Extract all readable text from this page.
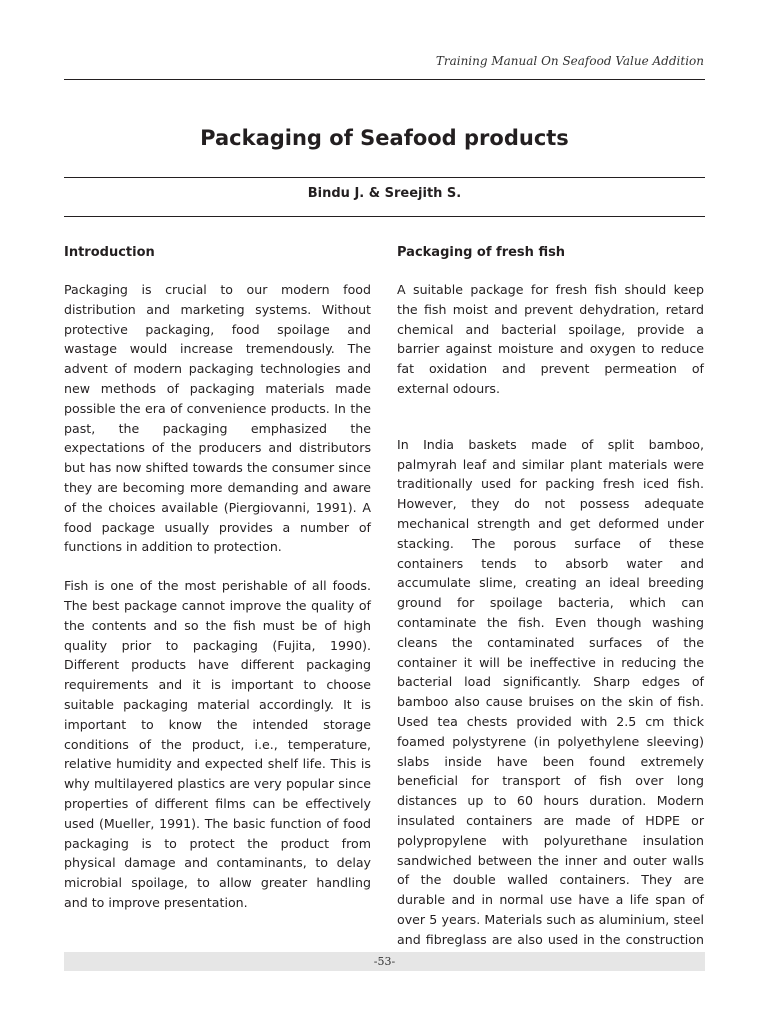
Training Manual On Seafood Value Addition
Packaging of Seafood products
Bindu J. & Sreejith S.
Introduction

Packaging is crucial to our modern food distribution and marketing systems. Without protective packaging, food spoilage and wastage would increase tremendously. The advent of modern packaging technologies and new methods of packaging materials made possible the era of convenience products. In the past, the packaging emphasized the expectations of the producers and distributors but has now shifted towards the consumer since they are becoming more demanding and aware of the choices available (Piergiovanni, 1991). A food package usually provides a number of functions in addition to protection.

Fish is one of the most perishable of all foods. The best package cannot improve the quality of the contents and so the fish must be of high quality prior to packaging (Fujita, 1990). Different products have different packaging requirements and it is important to choose suitable packaging material accordingly. It is important to know the intended storage conditions of the product, i.e., temperature, relative humidity and expected shelf life. This is why multilayered plastics are very popular since properties of different films can be effectively used (Mueller, 1991). The basic function of food packaging is to protect the product from physical damage and contaminants, to delay microbial spoilage, to allow greater handling and to improve presentation.

Packaging of fresh fish

A suitable package for fresh fish should keep the fish moist and prevent dehydration, retard chemical and bacterial spoilage, provide a barrier against moisture and oxygen to reduce fat oxidation and prevent permeation of external odours.

In India baskets made of split bamboo, palmyrah leaf and similar plant materials were traditionally used for packing fresh iced fish. However, they do not possess adequate mechanical strength and get deformed under stacking. The porous surface of these containers tends to absorb water and accumulate slime, creating an ideal breeding ground for spoilage bacteria, which can contaminate the fish. Even though washing cleans the contaminated surfaces of the container it will be ineffective in reducing the bacterial load significantly. Sharp edges of bamboo also cause bruises on the skin of fish. Used tea chests provided with 2.5 cm thick foamed polystyrene (in polyethylene sleeving) slabs inside have been found extremely beneficial for transport of fish over long distances up to 60 hours duration. Modern insulated containers are made of HDPE or polypropylene with polyurethane insulation sandwiched between the inner and outer walls of the double walled containers. They are durable and in normal use have a life span of over 5 years. Materials such as aluminium, steel and fibreglass are also used in the construction

-53-
